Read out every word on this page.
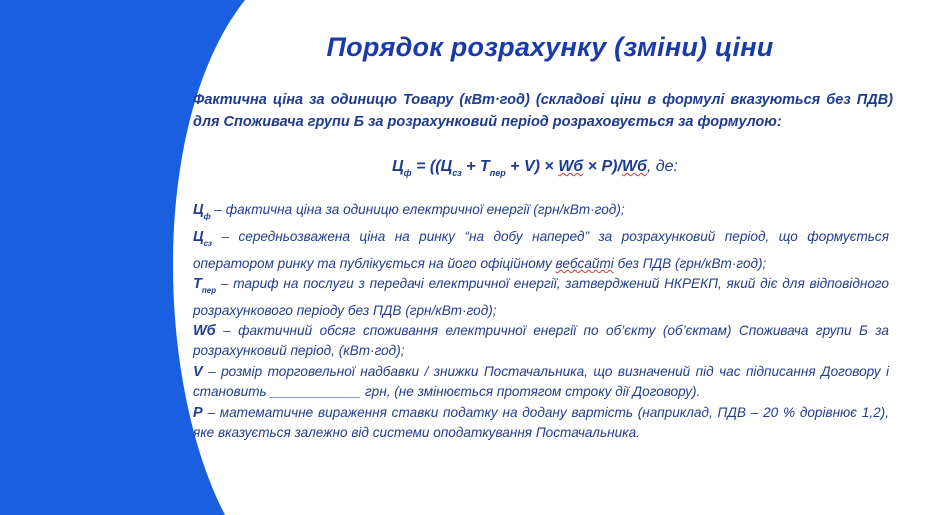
Порядок розрахунку (зміни) ціни
Фактична ціна за одиницю Товару (кВт·год) (складові ціни в формулі вказуються без ПДВ) для Споживача групи Б за розрахунковий період розраховується за формулою:
$Ц_ф = ((Ц_{сз} + Т_{пер} + V)$ × Wб × Р)/Wб, де:
$Ц_ф$ – фактична ціна за одиницю електричної енергії (грн/кВт·год);
$Ц_{сз}$ – середньозважена ціна на ринку “на добу наперед” за розрахунковий період, що формується оператором ринку та публікується на його офіційному вебсайті без ПДВ (грн/кВт·год);
$Т_{пер}$ – тариф на послуги з передачі електричної енергії, затверджений НКРЕКП, який діє для відповідного розрахункового періоду без ПДВ (грн/кВт·год);
Wб – фактичний обсяг споживання електричної енергії по об’єкту (об’єктам) Споживача групи Б за розрахунковий період, (кВт·год);
V – розмір торговельної надбавки / знижки Постачальника, що визначений під час підписання Договору і становить ____________ грн, (не змінюється протягом строку дії Договору).
Р – математичне вираження ставки податку на додану вартість (наприклад, ПДВ – 20 % дорівнює 1,2), яке вказується залежно від системи оподаткування Постачальника.
